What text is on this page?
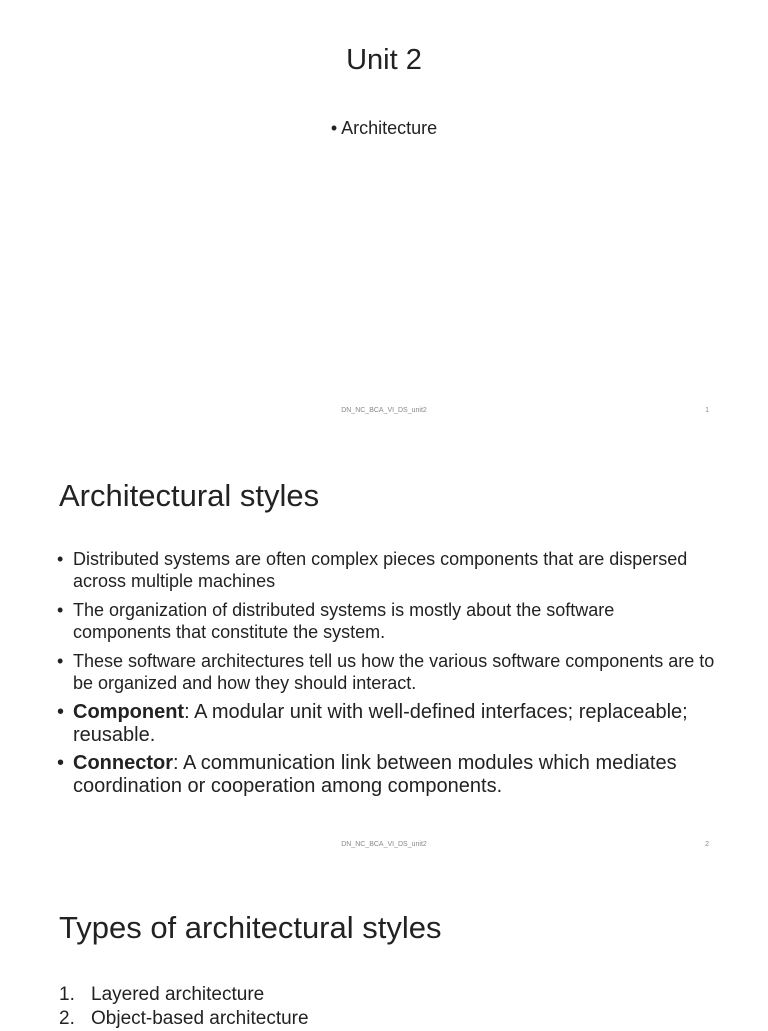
Unit 2
• Architecture
DN_NC_BCA_VI_DS_unit2	1
Architectural styles
• Distributed systems are often complex pieces components that are dispersed across multiple machines
• The organization of distributed systems is mostly about the software components that constitute the system.
• These software architectures tell us how the various software components are to be organized and how they should interact.
• Component: A modular unit with well-defined interfaces; replaceable; reusable.
• Connector: A communication link between modules which mediates coordination or cooperation among components.
DN_NC_BCA_VI_DS_unit2	2
Types of architectural styles
1. Layered architecture
2. Object-based architecture
